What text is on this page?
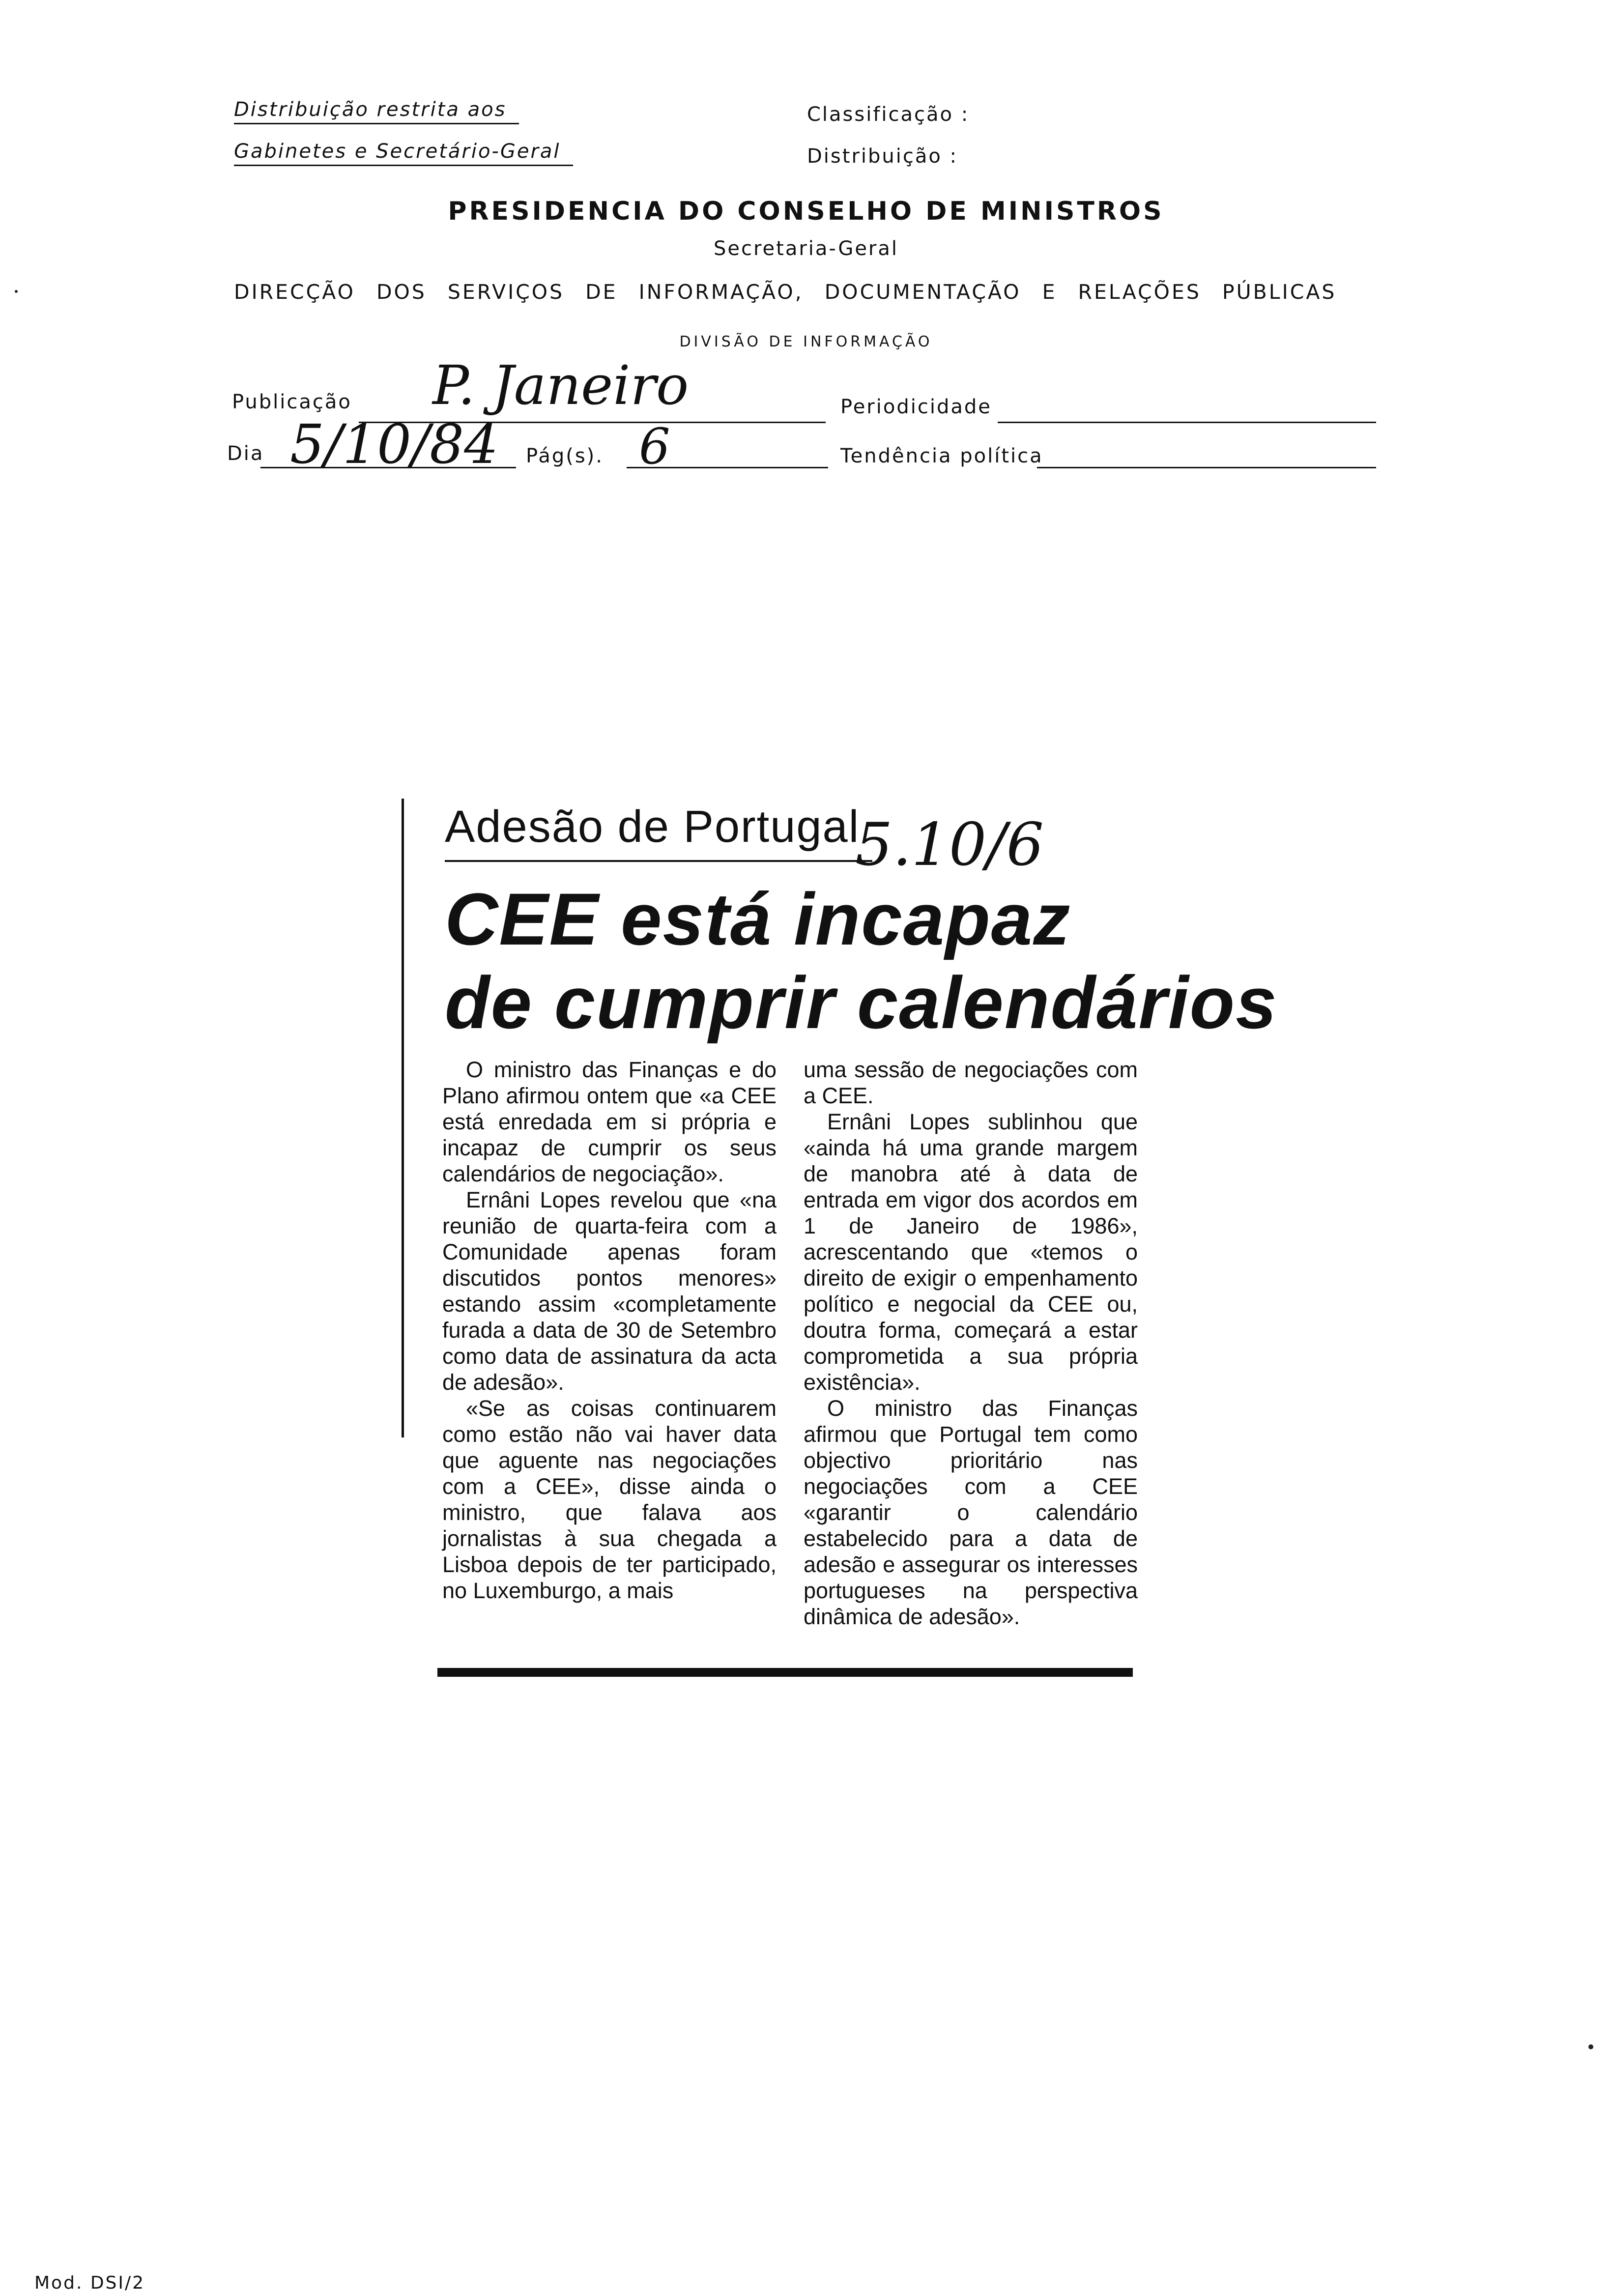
Distribuição restrita aos
Gabinetes e Secretário-Geral
Classificação :
Distribuição :
PRESIDENCIA DO CONSELHO DE MINISTROS
Secretaria-Geral
DIRECÇÃO DOS SERVIÇOS DE INFORMAÇÃO, DOCUMENTAÇÃO E RELAÇÕES PÚBLICAS
DIVISÃO DE INFORMAÇÃO
Publicação P. Janeiro	Periodicidade
Dia 5/10/84 Pág(s). 6	Tendência política
Adesão de Portugal
5.10/6
CEE está incapaz
de cumprir calendários

O ministro das Finanças e do Plano afirmou ontem que «a CEE está enredada em si própria e incapaz de cumprir os seus calendários de negociação».

Ernâni Lopes revelou que «na reunião de quarta-feira com a Comunidade apenas foram discutidos pontos menores» estando assim «completamente furada a data de 30 de Setembro como data de assinatura da acta de adesão».

«Se as coisas continuarem como estão não vai haver data que aguente nas negociações com a CEE», disse ainda o ministro, que falava aos jornalistas à sua chegada a Lisboa depois de ter participado, no Luxemburgo, a mais

uma sessão de negociações com a CEE.

Ernâni Lopes sublinhou que «ainda há uma grande margem de manobra até à data de entrada em vigor dos acordos em 1 de Janeiro de 1986», acrescentando que «temos o direito de exigir o empenhamento político e negocial da CEE ou, doutra forma, começará a estar comprometida a sua própria existência».

O ministro das Finanças afirmou que Portugal tem como objectivo prioritário nas negociações com a CEE «garantir o calendário estabelecido para a data de adesão e assegurar os interesses portugueses na perspectiva dinâmica de adesão».

Mod. DSI/2
